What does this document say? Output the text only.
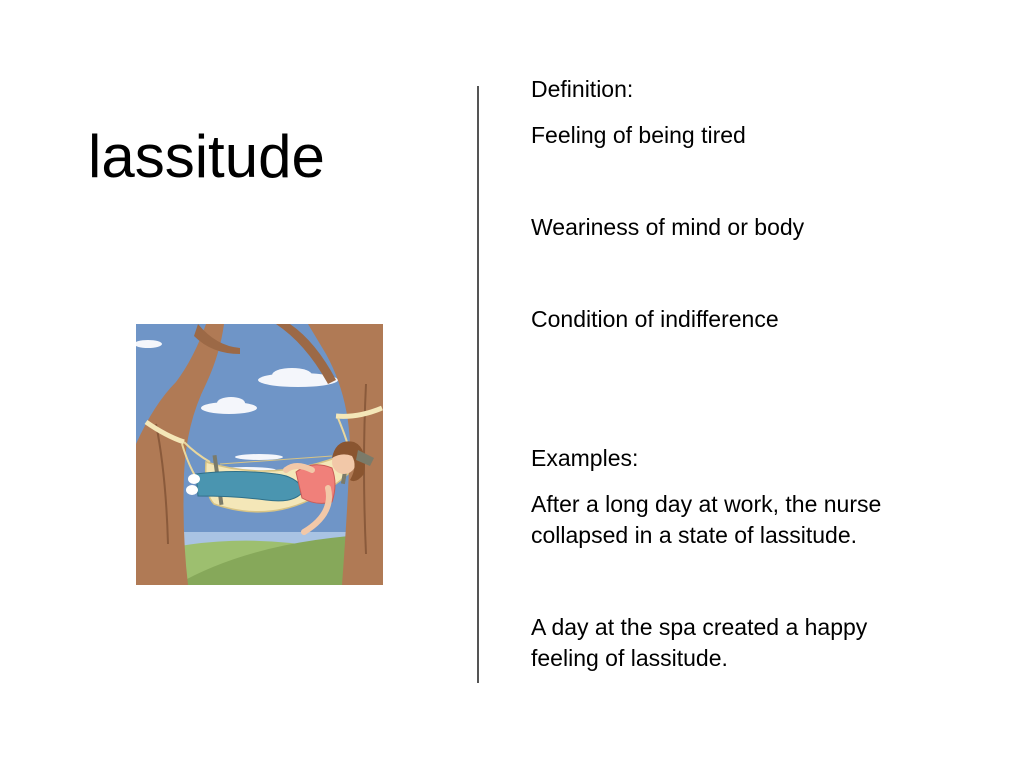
lassitude

Definition:

Feeling of being tired

Weariness of mind or body

Condition of indifference

Examples:

After a long day at work, the nurse
collapsed in a state of lassitude.

A day at the spa created a happy
feeling of lassitude.
